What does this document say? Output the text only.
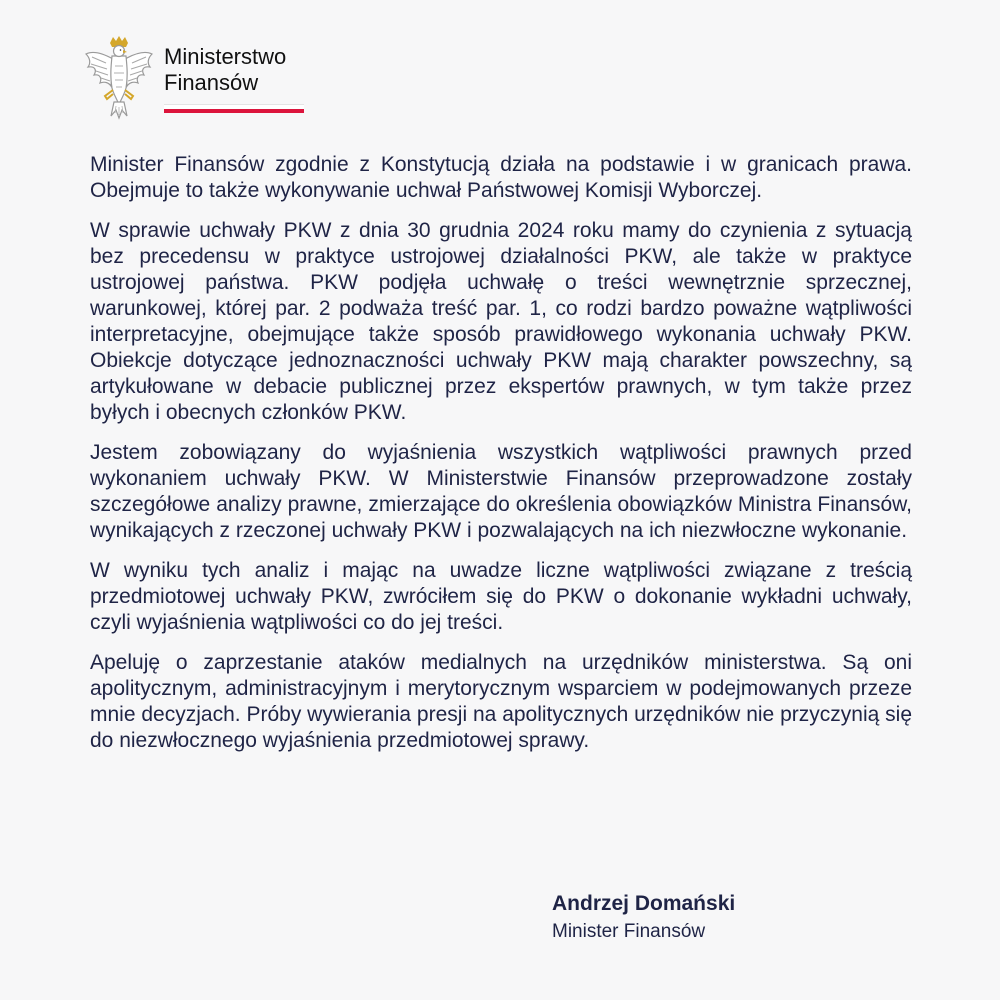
Ministerstwo
Finansów

Minister Finansów zgodnie z Konstytucją działa na podstawie i w granicach prawa. Obejmuje to także wykonywanie uchwał Państwowej Komisji Wyborczej.

W sprawie uchwały PKW z dnia 30 grudnia 2024 roku mamy do czynienia z sytuacją bez precedensu w praktyce ustrojowej działalności PKW, ale także w praktyce ustrojowej państwa. PKW podjęła uchwałę o treści wewnętrznie sprzecznej, warunkowej, której par. 2 podważa treść par. 1, co rodzi bardzo poważne wątpliwości interpretacyjne, obejmujące także sposób prawidłowego wykonania uchwały PKW. Obiekcje dotyczące jednoznaczności uchwały PKW mają charakter powszechny, są artykułowane w debacie publicznej przez ekspertów prawnych, w tym także przez byłych i obecnych członków PKW.

Jestem zobowiązany do wyjaśnienia wszystkich wątpliwości prawnych przed wykonaniem uchwały PKW. W Ministerstwie Finansów przeprowadzone zostały szczegółowe analizy prawne, zmierzające do określenia obowiązków Ministra Finansów, wynikających z rzeczonej uchwały PKW i pozwalających na ich niezwłoczne wykonanie.

W wyniku tych analiz i mając na uwadze liczne wątpliwości związane z treścią przedmiotowej uchwały PKW, zwróciłem się do PKW o dokonanie wykładni uchwały, czyli wyjaśnienia wątpliwości co do jej treści.

Apeluję o zaprzestanie ataków medialnych na urzędników ministerstwa. Są oni apolitycznym, administracyjnym i merytorycznym wsparciem w podejmowanych przeze mnie decyzjach. Próby wywierania presji na apolitycznych urzędników nie przyczynią się do niezwłocznego wyjaśnienia przedmiotowej sprawy.

Andrzej Domański
Minister Finansów
